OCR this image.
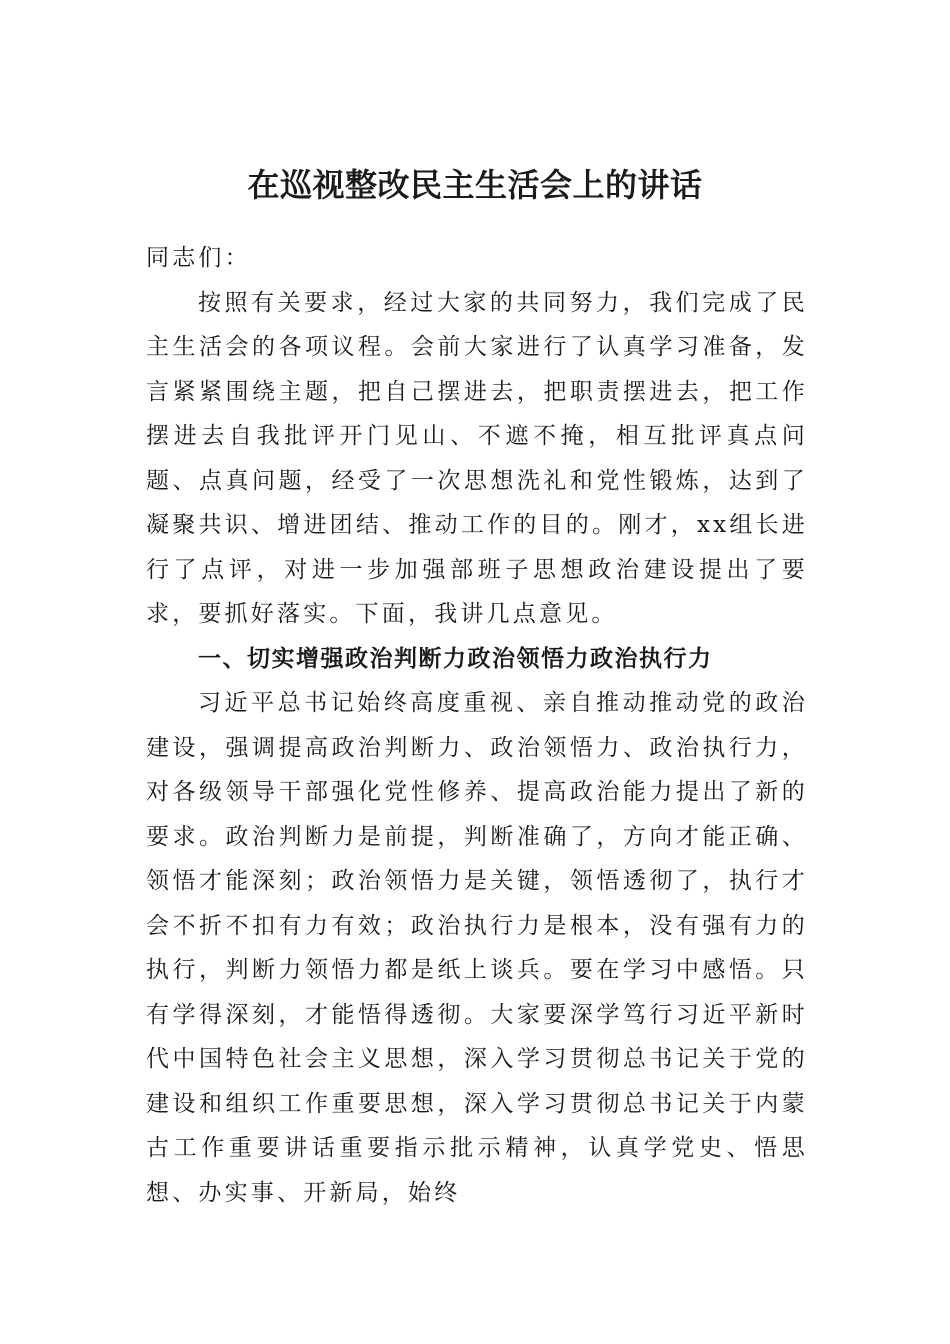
在巡视整改民主生活会上的讲话

同志们：

按照有关要求，经过大家的共同努力，我们完成了民主生活会的各项议程。会前大家进行了认真学习准备，发言紧紧围绕主题，把自己摆进去，把职责摆进去，把工作摆进去自我批评开门见山、不遮不掩，相互批评真点问题、点真问题，经受了一次思想洗礼和党性锻炼，达到了凝聚共识、增进团结、推动工作的目的。刚才，xx组长进行了点评，对进一步加强部班子思想政治建设提出了要求，要抓好落实。下面，我讲几点意见。

一、切实增强政治判断力政治领悟力政治执行力

习近平总书记始终高度重视、亲自推动推动党的政治建设，强调提高政治判断力、政治领悟力、政治执行力，对各级领导干部强化党性修养、提高政治能力提出了新的要求。政治判断力是前提，判断准确了，方向才能正确、领悟才能深刻；政治领悟力是关键，领悟透彻了，执行才会不折不扣有力有效；政治执行力是根本，没有强有力的执行，判断力领悟力都是纸上谈兵。要在学习中感悟。只有学得深刻，才能悟得透彻。大家要深学笃行习近平新时代中国特色社会主义思想，深入学习贯彻总书记关于党的建设和组织工作重要思想，深入学习贯彻总书记关于内蒙古工作重要讲话重要指示批示精神，认真学党史、悟思想、办实事、开新局，始终
